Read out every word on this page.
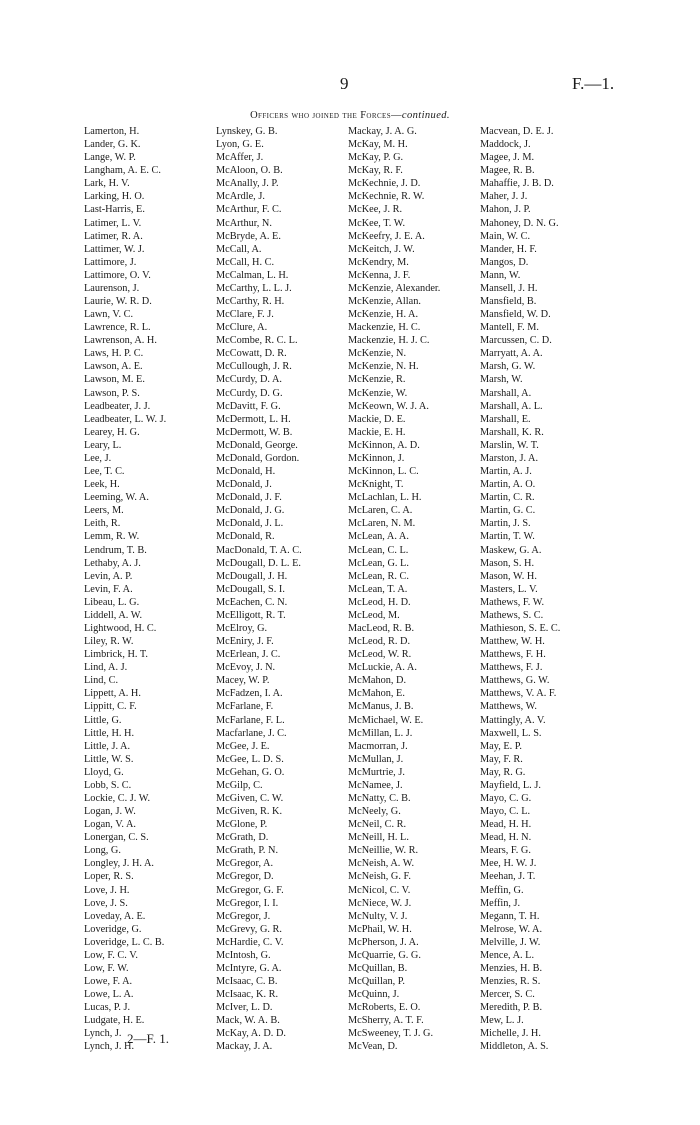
9	F.—1.
Officers who joined the Forces—continued.
Lamerton, H.
Lander, G. K.
Lange, W. P.
Langham, A. E. C.
Lark, H. V.
Larking, H. O.
Last-Harris, E.
Latimer, L. V.
Latimer, R. A.
Lattimer, W. J.
Lattimore, J.
Lattimore, O. V.
Laurenson, J.
Laurie, W. R. D.
Lawn, V. C.
Lawrence, R. L.
Lawrenson, A. H.
Laws, H. P. C.
Lawson, A. E.
Lawson, M. E.
Lawson, P. S.
Leadbeater, J. J.
Leadbeater, L. W. J.
Learey, H. G.
Leary, L.
Lee, J.
Lee, T. C.
Leek, H.
Leeming, W. A.
Leers, M.
Leith, R.
Lemm, R. W.
Lendrum, T. B.
Lethaby, A. J.
Levin, A. P.
Levin, F. A.
Libeau, L. G.
Liddell, A. W.
Lightwood, H. C.
Liley, R. W.
Limbrick, H. T.
Lind, A. J.
Lind, C.
Lippett, A. H.
Lippitt, C. F.
Little, G.
Little, H. H.
Little, J. A.
Little, W. S.
Lloyd, G.
Lobb, S. C.
Lockie, C. J. W.
Logan, J. W.
Logan, V. A.
Lonergan, C. S.
Long, G.
Longley, J. H. A.
Loper, R. S.
Love, J. H.
Love, J. S.
Loveday, A. E.
Loveridge, G.
Loveridge, L. C. B.
Low, F. C. V.
Low, F. W.
Lowe, F. A.
Lowe, L. A.
Lucas, P. J.
Ludgate, H. E.
Lynch, J.
Lynch, J. H.
Lynskey, G. B.
Lyon, G. E.
McAffer, J.
McAloon, O. B.
McAnally, J. P.
McArdle, J.
McArthur, F. C.
McArthur, N.
McBryde, A. E.
McCall, A.
McCall, H. C.
McCalman, L. H.
McCarthy, L. L. J.
McCarthy, R. H.
McClare, F. J.
McClure, A.
McCombe, R. C. L.
McCowatt, D. R.
McCullough, J. R.
McCurdy, D. A.
McCurdy, D. G.
McDavitt, F. G.
McDermott, L. H.
McDermott, W. B.
McDonald, George.
McDonald, Gordon.
McDonald, H.
McDonald, J.
McDonald, J. F.
McDonald, J. G.
McDonald, J. L.
McDonald, R.
MacDonald, T. A. C.
McDougall, D. L. E.
McDougall, J. H.
McDougall, S. I.
McEachen, C. N.
McElligott, R. T.
McElroy, G.
McEniry, J. F.
McErlean, J. C.
McEvoy, J. N.
Macey, W. P.
McFadzen, I. A.
McFarlane, F.
McFarlane, F. L.
Macfarlane, J. C.
McGee, J. E.
McGee, L. D. S.
McGehan, G. O.
McGilp, C.
McGiven, C. W.
McGiven, R. K.
McGlone, P.
McGrath, D.
McGrath, P. N.
McGregor, A.
McGregor, D.
McGregor, G. F.
McGregor, I. I.
McGregor, J.
McGrevy, G. R.
McHardie, C. V.
McIntosh, G.
McIntyre, G. A.
McIsaac, C. B.
McIsaac, K. R.
McIver, L. D.
Mack, W. A. B.
McKay, A. D. D.
Mackay, J. A.
Mackay, J. A. G.
McKay, M. H.
McKay, P. G.
McKay, R. F.
McKechnie, J. D.
McKechnie, R. W.
McKee, J. R.
McKee, T. W.
McKeefry, J. E. A.
McKeitch, J. W.
McKendry, M.
McKenna, J. F.
McKenzie, Alexander.
McKenzie, Allan.
McKenzie, H. A.
Mackenzie, H. C.
Mackenzie, H. J. C.
McKenzie, N.
McKenzie, N. H.
McKenzie, R.
McKenzie, W.
McKeown, W. J. A.
Mackie, D. E.
Mackie, E. H.
McKinnon, A. D.
McKinnon, J.
McKinnon, L. C.
McKnight, T.
McLachlan, L. H.
McLaren, C. A.
McLaren, N. M.
McLean, A. A.
McLean, C. L.
McLean, G. L.
McLean, R. C.
McLean, T. A.
McLeod, H. D.
McLeod, M.
MacLeod, R. B.
McLeod, R. D.
McLeod, W. R.
McLuckie, A. A.
McMahon, D.
McMahon, E.
McManus, J. B.
McMichael, W. E.
McMillan, L. J.
Macmorran, J.
McMullan, J.
McMurtrie, J.
McNamee, J.
McNatty, C. B.
McNeely, G.
McNeil, C. R.
McNeill, H. L.
McNeillie, W. R.
McNeish, A. W.
McNeish, G. F.
McNicol, C. V.
McNiece, W. J.
McNulty, V. J.
McPhail, W. H.
McPherson, J. A.
McQuarrie, G. G.
McQuillan, B.
McQuillan, P.
McQuinn, J.
McRoberts, E. O.
McSherry, A. T. F.
McSweeney, T. J. G.
McVean, D.
Macvean, D. E. J.
Maddock, J.
Magee, J. M.
Magee, R. B.
Mahaffie, J. B. D.
Maher, J. J.
Mahon, J. P.
Mahoney, D. N. G.
Main, W. C.
Mander, H. F.
Mangos, D.
Mann, W.
Mansell, J. H.
Mansfield, B.
Mansfield, W. D.
Mantell, F. M.
Marcussen, C. D.
Marryatt, A. A.
Marsh, G. W.
Marsh, W.
Marshall, A.
Marshall, A. L.
Marshall, E.
Marshall, K. R.
Marslin, W. T.
Marston, J. A.
Martin, A. J.
Martin, A. O.
Martin, C. R.
Martin, G. C.
Martin, J. S.
Martin, T. W.
Maskew, G. A.
Mason, S. H.
Mason, W. H.
Masters, L. V.
Mathews, F. W.
Mathews, S. C.
Mathieson, S. E. C.
Matthew, W. H.
Matthews, F. H.
Matthews, F. J.
Matthews, G. W.
Matthews, V. A. F.
Matthews, W.
Mattingly, A. V.
Maxwell, L. S.
May, E. P.
May, F. R.
May, R. G.
Mayfield, L. J.
Mayo, C. G.
Mayo, C. L.
Mead, H. H.
Mead, H. N.
Mears, F. G.
Mee, H. W. J.
Meehan, J. T.
Meffin, G.
Meffin, J.
Megann, T. H.
Melrose, W. A.
Melville, J. W.
Mence, A. L.
Menzies, H. B.
Menzies, R. S.
Mercer, S. C.
Meredith, P. B.
Mew, L. J.
Michelle, J. H.
Middleton, A. S.
2—F. 1.
